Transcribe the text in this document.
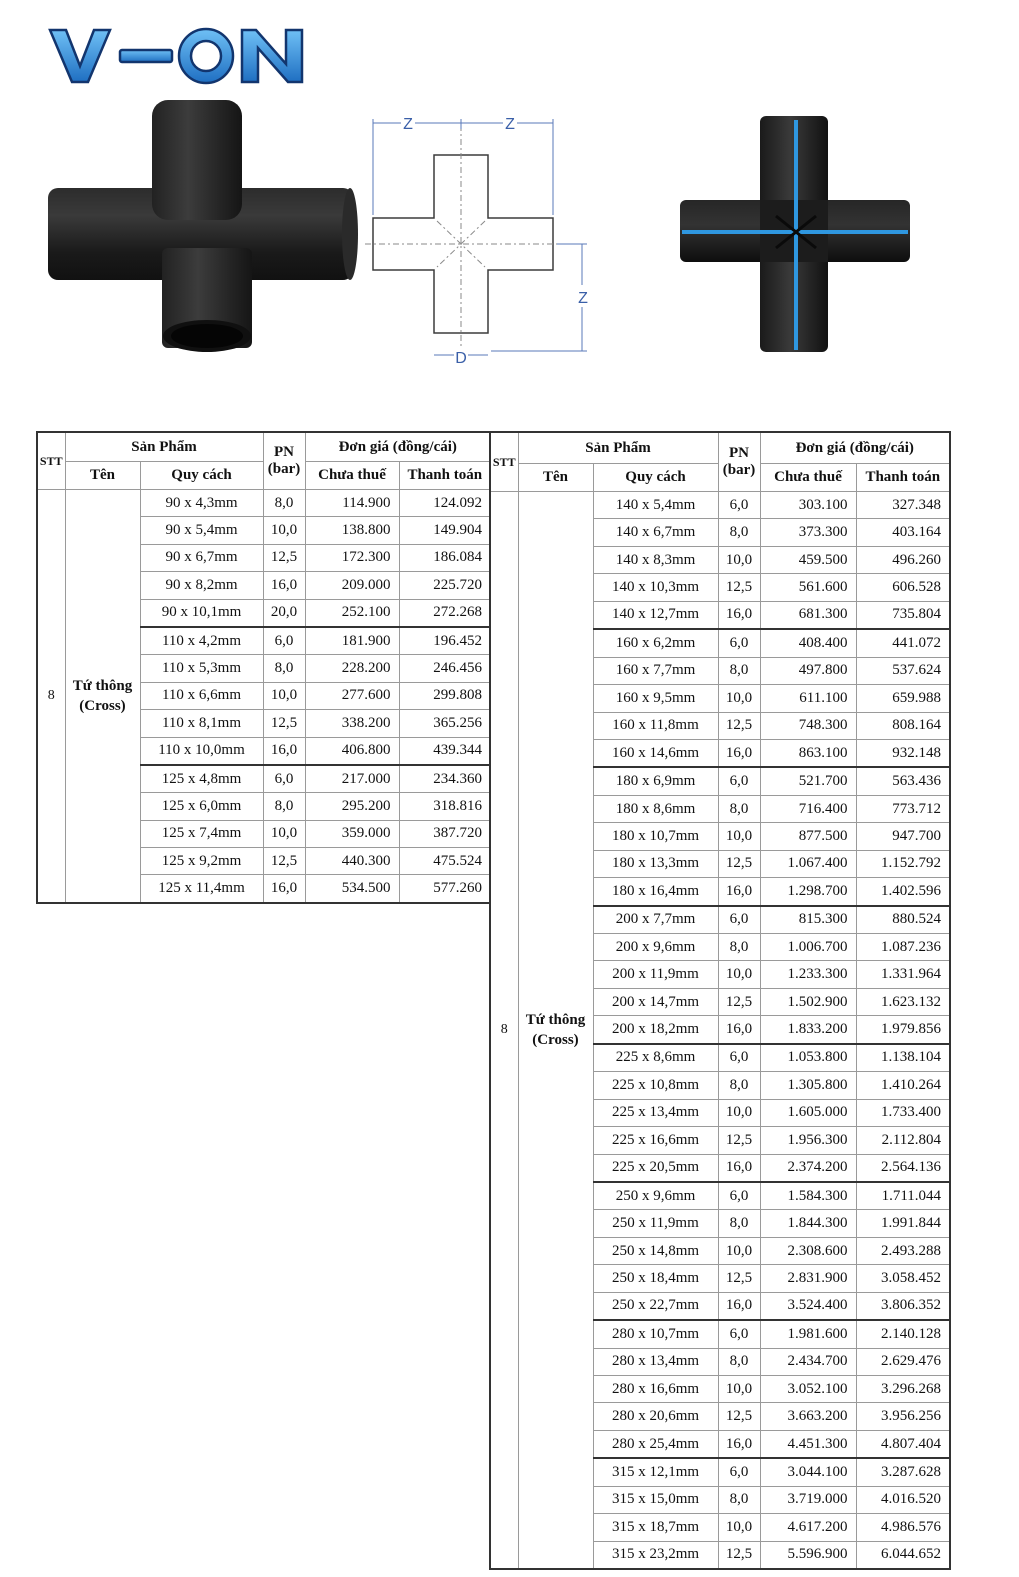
Z	Z
Z
D
STT	Sản Phẩm		PN
(bar)	Đơn giá (đồng/cái)	
	Tên	Quy cách		Chưa thuế	Thanh toán
8	Tứ thông
(Cross)	90 x 4,3mm	8,0	114.900	124.092
		90 x 5,4mm	10,0	138.800	149.904
		90 x 6,7mm	12,5	172.300	186.084
		90 x 8,2mm	16,0	209.000	225.720
		90 x 10,1mm	20,0	252.100	272.268
		110 x 4,2mm	6,0	181.900	196.452
		110 x 5,3mm	8,0	228.200	246.456
		110 x 6,6mm	10,0	277.600	299.808
		110 x 8,1mm	12,5	338.200	365.256
		110 x 10,0mm	16,0	406.800	439.344
		125 x 4,8mm	6,0	217.000	234.360
		125 x 6,0mm	8,0	295.200	318.816
		125 x 7,4mm	10,0	359.000	387.720
		125 x 9,2mm	12,5	440.300	475.524
		125 x 11,4mm	16,0	534.500	577.260
STT	Sản Phẩm		PN
(bar)	Đơn giá (đồng/cái)	
	Tên	Quy cách		Chưa thuế	Thanh toán
8	Tứ thông
(Cross)	140 x 5,4mm	6,0	303.100	327.348
		140 x 6,7mm	8,0	373.300	403.164
		140 x 8,3mm	10,0	459.500	496.260
		140 x 10,3mm	12,5	561.600	606.528
		140 x 12,7mm	16,0	681.300	735.804
		160 x 6,2mm	6,0	408.400	441.072
		160 x 7,7mm	8,0	497.800	537.624
		160 x 9,5mm	10,0	611.100	659.988
		160 x 11,8mm	12,5	748.300	808.164
		160 x 14,6mm	16,0	863.100	932.148
		180 x 6,9mm	6,0	521.700	563.436
		180 x 8,6mm	8,0	716.400	773.712
		180 x 10,7mm	10,0	877.500	947.700
		180 x 13,3mm	12,5	1.067.400	1.152.792
		180 x 16,4mm	16,0	1.298.700	1.402.596
		200 x 7,7mm	6,0	815.300	880.524
		200 x 9,6mm	8,0	1.006.700	1.087.236
		200 x 11,9mm	10,0	1.233.300	1.331.964
		200 x 14,7mm	12,5	1.502.900	1.623.132
		200 x 18,2mm	16,0	1.833.200	1.979.856
		225 x 8,6mm	6,0	1.053.800	1.138.104
		225 x 10,8mm	8,0	1.305.800	1.410.264
		225 x 13,4mm	10,0	1.605.000	1.733.400
		225 x 16,6mm	12,5	1.956.300	2.112.804
		225 x 20,5mm	16,0	2.374.200	2.564.136
		250 x 9,6mm	6,0	1.584.300	1.711.044
		250 x 11,9mm	8,0	1.844.300	1.991.844
		250 x 14,8mm	10,0	2.308.600	2.493.288
		250 x 18,4mm	12,5	2.831.900	3.058.452
		250 x 22,7mm	16,0	3.524.400	3.806.352
		280 x 10,7mm	6,0	1.981.600	2.140.128
		280 x 13,4mm	8,0	2.434.700	2.629.476
		280 x 16,6mm	10,0	3.052.100	3.296.268
		280 x 20,6mm	12,5	3.663.200	3.956.256
		280 x 25,4mm	16,0	4.451.300	4.807.404
		315 x 12,1mm	6,0	3.044.100	3.287.628
		315 x 15,0mm	8,0	3.719.000	4.016.520
		315 x 18,7mm	10,0	4.617.200	4.986.576
		315 x 23,2mm	12,5	5.596.900	6.044.652
